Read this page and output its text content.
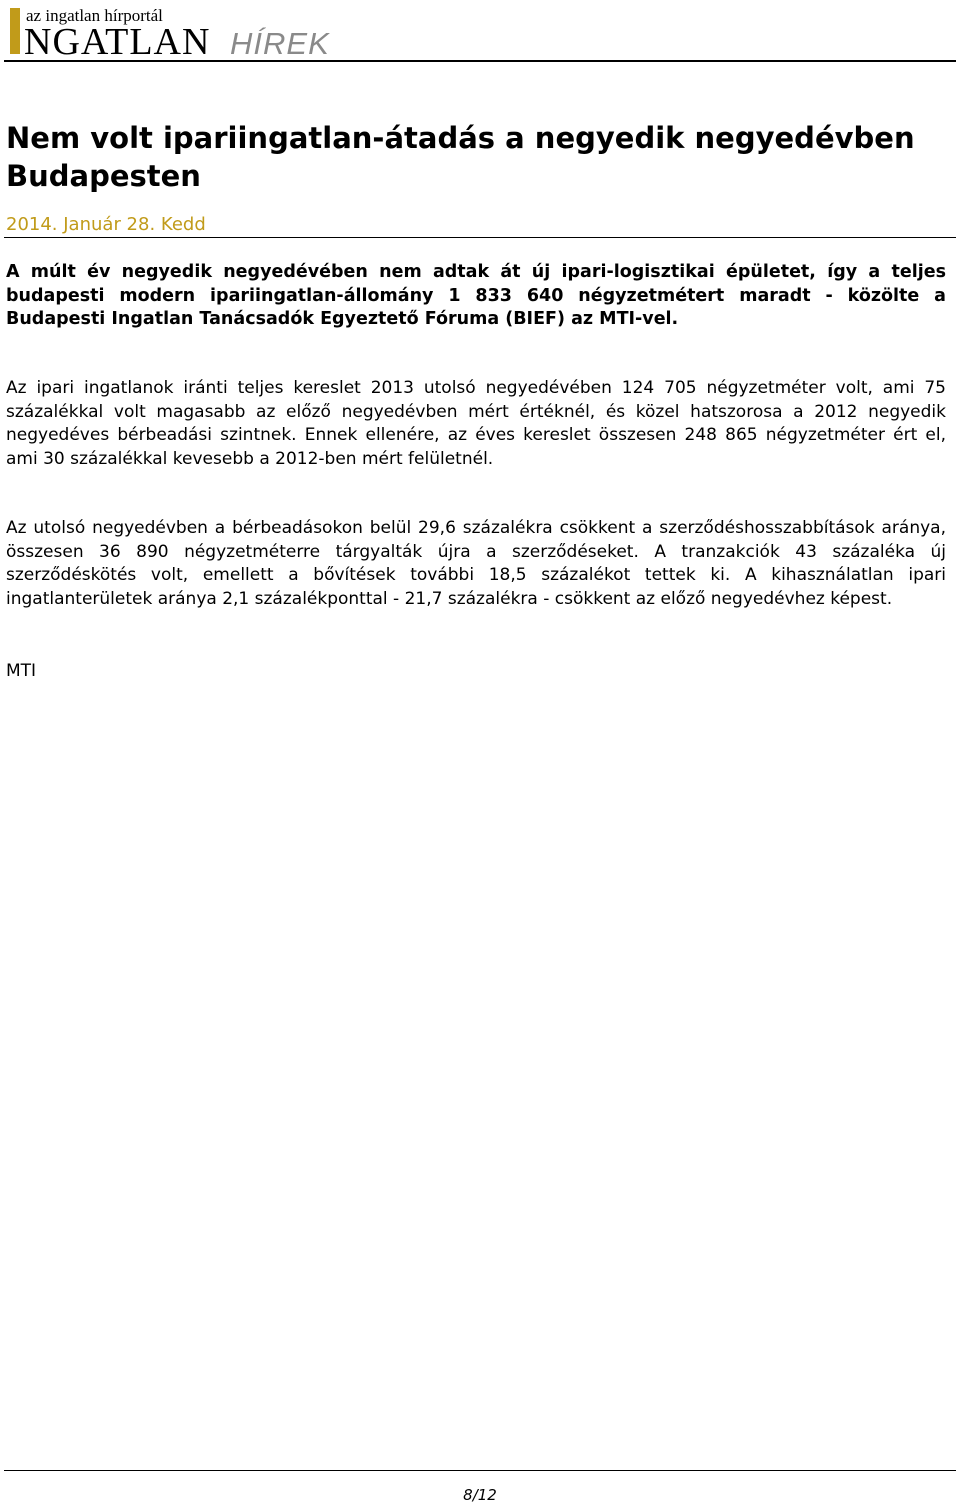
NGATLAN HÍREK
az ingatlan hírportál
Nem volt ipariingatlan-átadás a negyedik negyedévben Budapesten
2014. Január 28. Kedd

A múlt év negyedik negyedévében nem adtak át új ipari-logisztikai épületet, így a teljes budapesti modern ipariingatlan-állomány 1 833 640 négyzetmétert maradt - közölte a Budapesti Ingatlan Tanácsadók Egyeztető Fóruma (BIEF) az MTI-vel.

Az ipari ingatlanok iránti teljes kereslet 2013 utolsó negyedévében 124 705 négyzetméter volt, ami 75 százalékkal volt magasabb az előző negyedévben mért értéknél, és közel hatszorosa a 2012 negyedik negyedéves bérbeadási szintnek. Ennek ellenére, az éves kereslet összesen 248 865 négyzetméter ért el, ami 30 százalékkal kevesebb a 2012-ben mért felületnél.

Az utolsó negyedévben a bérbeadásokon belül 29,6 százalékra csökkent a szerződéshosszabbítások aránya, összesen 36 890 négyzetméterre tárgyalták újra a szerződéseket. A tranzakciók 43 százaléka új szerződéskötés volt, emellett a bővítések további 18,5 százalékot tettek ki. A kihasználatlan ipari ingatlanterületek aránya 2,1 százalékponttal - 21,7 százalékra - csökkent az előző negyedévhez képest.

MTI
8/12
